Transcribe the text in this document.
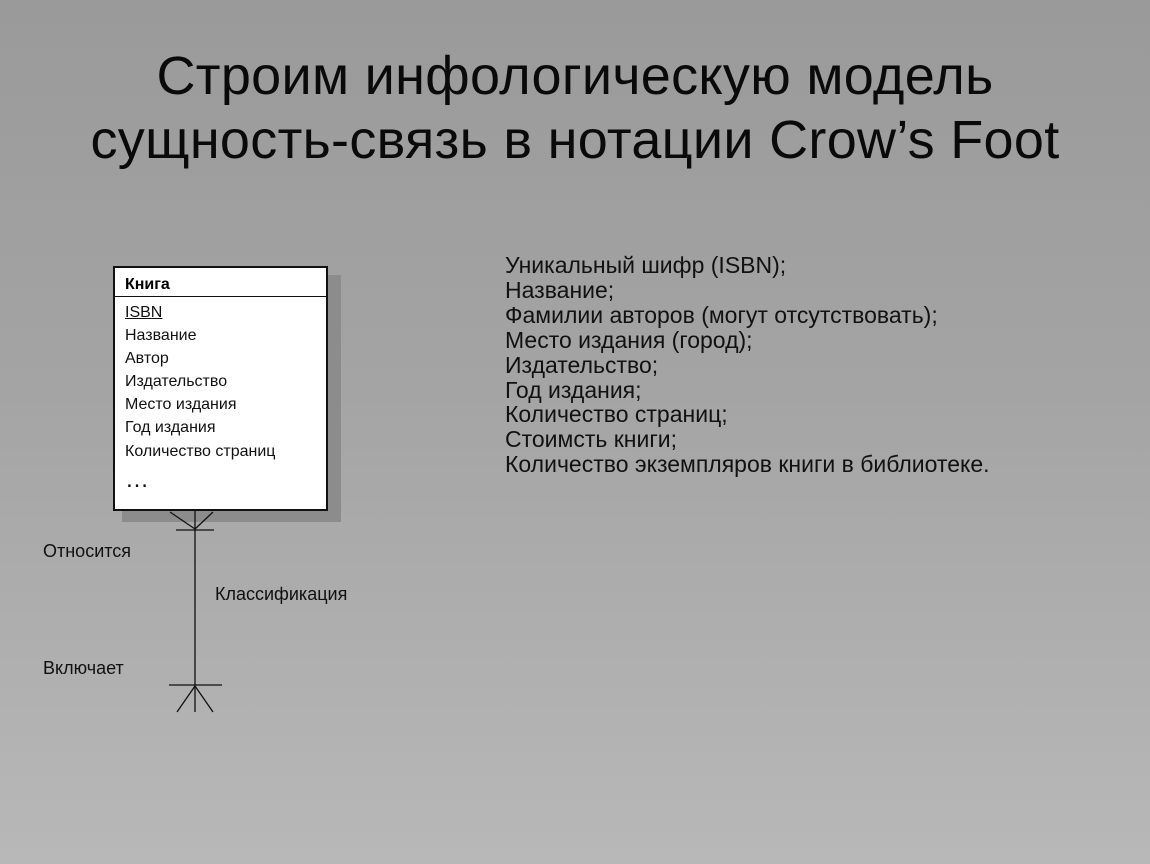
Строим инфологическую модель
сущность-связь в нотации Crow’s Foot
Книга
ISBN
Название
Автор
Издательство
Место издания
Год издания
Количество страниц
…
Относится
Классификация
Включает
Уникальный шифр (ISBN);
Название;
Фамилии авторов (могут отсутствовать);
Место издания (город);
Издательство;
Год издания;
Количество страниц;
Стоимсть книги;
Количество экземпляров книги в библиотеке.
